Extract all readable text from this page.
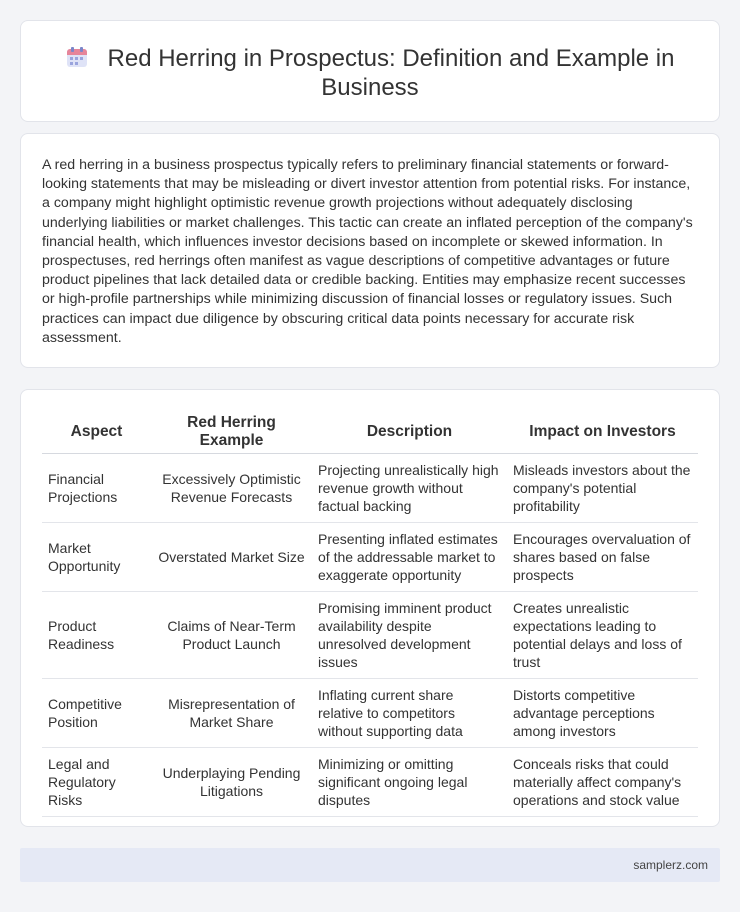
Red Herring in Prospectus: Definition and Example in Business

A red herring in a business prospectus typically refers to preliminary financial statements or forward-looking statements that may be misleading or divert investor attention from potential risks. For instance, a company might highlight optimistic revenue growth projections without adequately disclosing underlying liabilities or market challenges. This tactic can create an inflated perception of the company's financial health, which influences investor decisions based on incomplete or skewed information. In prospectuses, red herrings often manifest as vague descriptions of competitive advantages or future product pipelines that lack detailed data or credible backing. Entities may emphasize recent successes or high-profile partnerships while minimizing discussion of financial losses or regulatory issues. Such practices can impact due diligence by obscuring critical data points necessary for accurate risk assessment.

Aspect	Red Herring Example	Description	Impact on Investors
Financial Projections	Excessively Optimistic Revenue Forecasts	Projecting unrealistically high revenue growth without factual backing	Misleads investors about the company's potential profitability
Market Opportunity	Overstated Market Size	Presenting inflated estimates of the addressable market to exaggerate opportunity	Encourages overvaluation of shares based on false prospects
Product Readiness	Claims of Near-Term Product Launch	Promising imminent product availability despite unresolved development issues	Creates unrealistic expectations leading to potential delays and loss of trust
Competitive Position	Misrepresentation of Market Share	Inflating current share relative to competitors without supporting data	Distorts competitive advantage perceptions among investors
Legal and Regulatory Risks	Underplaying Pending Litigations	Minimizing or omitting significant ongoing legal disputes	Conceals risks that could materially affect company's operations and stock value
samplerz.com
